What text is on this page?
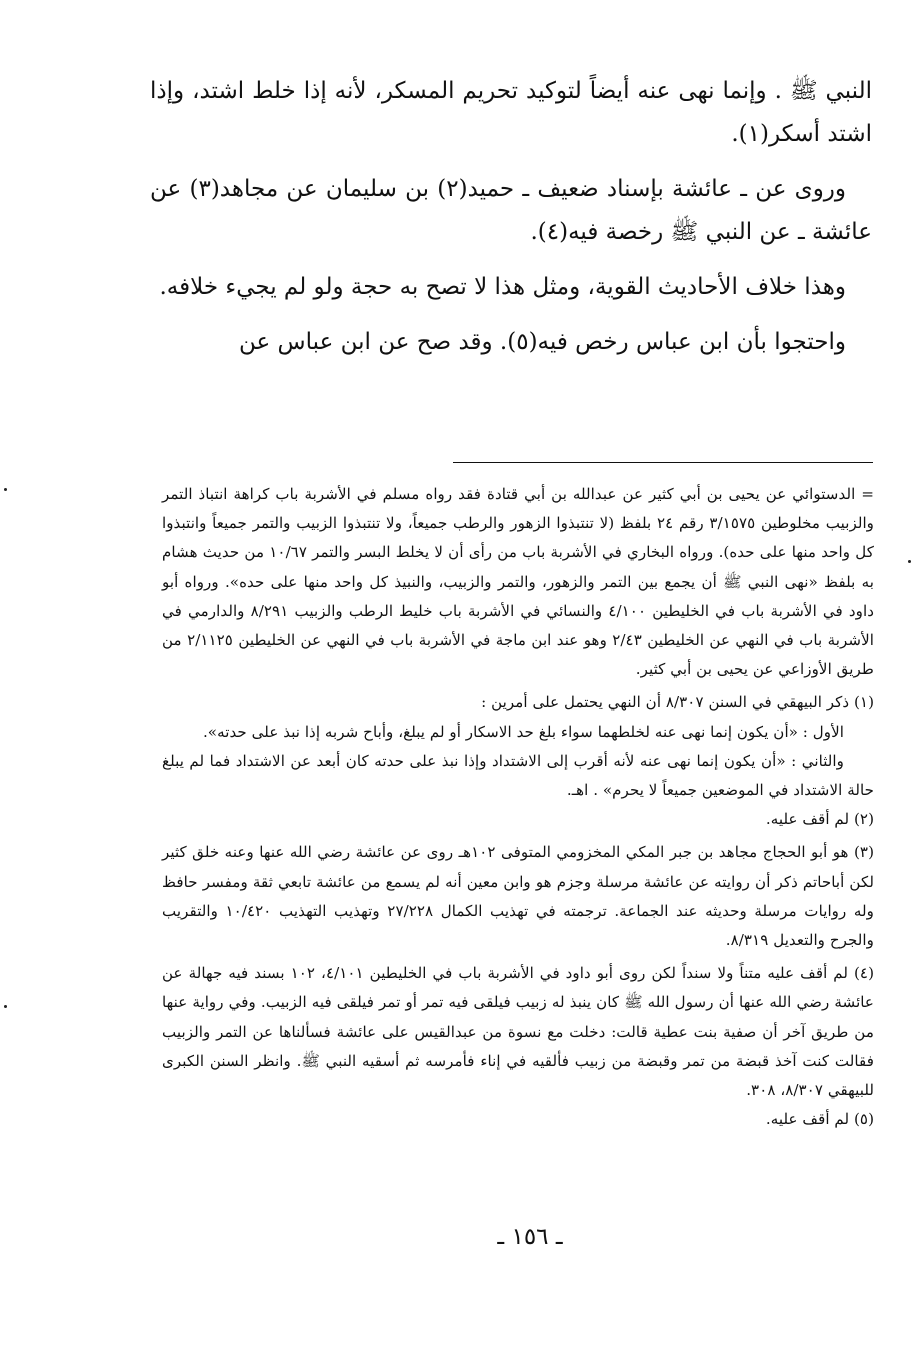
النبي ﷺ . وإنما نهى عنه أيضاً لتوكيد تحريم المسكر، لأنه إذا خلط اشتد، وإذا اشتد أسكر(١).

وروى عن ـ عائشة بإسناد ضعيف ـ حميد(٢) بن سليمان عن مجاهد(٣) عن عائشة ـ عن النبي ﷺ رخصة فيه(٤).

وهذا خلاف الأحاديث القوية، ومثل هذا لا تصح به حجة ولو لم يجيء خلافه.

واحتجوا بأن ابن عباس رخص فيه(٥). وقد صح عن ابن عباس عن

= الدستوائي عن يحيى بن أبي كثير عن عبدالله بن أبي قتادة فقد رواه مسلم في الأشربة باب كراهة انتباذ التمر والزبيب مخلوطين ٣/١٥٧٥ رقم ٢٤ بلفظ (لا تنتبذوا الزهور والرطب جميعاً، ولا تنتبذوا الزبيب والتمر جميعاً وانتبذوا كل واحد منها على حده). ورواه البخاري في الأشربة باب من رأى أن لا يخلط البسر والتمر ١٠/٦٧ من حديث هشام به بلفظ «نهى النبي ﷺ أن يجمع بين التمر والزهور، والتمر والزبيب، والنبيذ كل واحد منها على حده». ورواه أبو داود في الأشربة باب في الخليطين ٤/١٠٠ والنسائي في الأشربة باب خليط الرطب والزبيب ٨/٢٩١ والدارمي في الأشربة باب في النهي عن الخليطين ٢/٤٣ وهو عند ابن ماجة في الأشربة باب في النهي عن الخليطين ٢/١١٢٥ من طريق الأوزاعي عن يحيى بن أبي كثير.

(١) ذكر البيهقي في السنن ٨/٣٠٧ أن النهي يحتمل على أمرين :

الأول : «أن يكون إنما نهى عنه لخلطهما سواء بلغ حد الاسكار أو لم يبلغ، وأباح شربه إذا نبذ على حدته».

والثاني : «أن يكون إنما نهى عنه لأنه أقرب إلى الاشتداد وإذا نبذ على حدته كان أبعد عن الاشتداد فما لم يبلغ حالة الاشتداد في الموضعين جميعاً لا يحرم» . اهـ.

(٢) لم أقف عليه.

(٣) هو أبو الحجاج مجاهد بن جبر المكي المخزومي المتوفى ١٠٢هـ روى عن عائشة رضي الله عنها وعنه خلق كثير لكن أباحاتم ذكر أن روايته عن عائشة مرسلة وجزم هو وابن معين أنه لم يسمع من عائشة تابعي ثقة ومفسر حافظ وله روايات مرسلة وحديثه عند الجماعة. ترجمته في تهذيب الكمال ٢٧/٢٢٨ وتهذيب التهذيب ١٠/٤٢٠ والتقريب والجرح والتعديل ٨/٣١٩.

(٤) لم أقف عليه متناً ولا سنداً لكن روى أبو داود في الأشربة باب في الخليطين ٤/١٠١، ١٠٢ بسند فيه جهالة عن عائشة رضي الله عنها أن رسول الله ﷺ كان ينبذ له زبيب فيلقى فيه تمر أو تمر فيلقى فيه الزبيب. وفي رواية عنها من طريق آخر أن صفية بنت عطية قالت: دخلت مع نسوة من عبدالقيس على عائشة فسألناها عن التمر والزبيب فقالت كنت آخذ قبضة من تمر وقبضة من زبيب فألقيه في إناء فأمرسه ثم أسقيه النبي ﷺ. وانظر السنن الكبرى للبيهقي ٨/٣٠٧، ٣٠٨.

(٥) لم أقف عليه.

ـ ١٥٦ ـ
